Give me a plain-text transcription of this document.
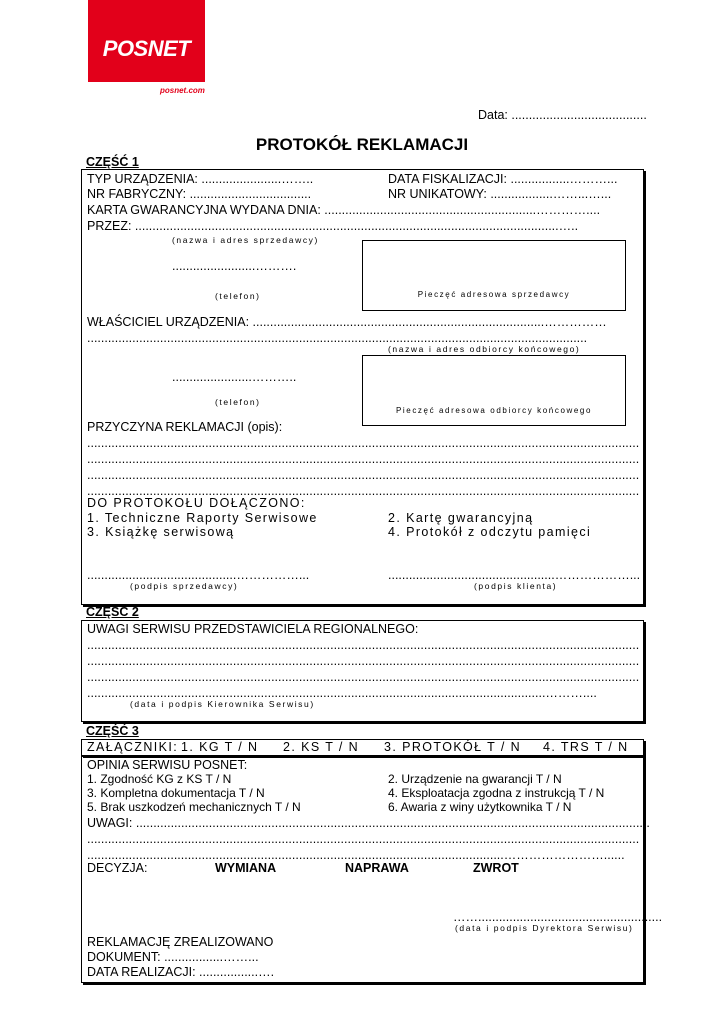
POSNET
posnet.com
Data: .......................................
PROTOKÓŁ REKLAMACJI
CZĘŚĆ 1
TYP URZĄDZENIA: .......................……..	DATA FISKALIZACJI: .................………...
NR FABRYCZNY: ...................................	NR UNIKATOWY: ..................……...…...
KARTA GWARANCYJNA WYDANA DNIA: .............................................................…………....
PRZEZ: ..........................................................................................................................…..
(nazwa i adres sprzedawcy)
........................……….
(telefon)	Pieczęć adresowa sprzedawcy
WŁAŚCICIEL URZĄDZENIA: ....................................................................................……………
................................................................................................................................................
(nazwa i adres odbiorcy końcowego)
Pieczęć adresowa odbiorcy końcowego
.......................………..
(telefon)
PRZYCZYNA REKLAMACJI (opis):
...............................................................................................................................................................
...............................................................................................................................................................
...............................................................................................................................................................
...............................................................................................................................................................
DO PROTOKOŁU DOŁĄCZONO:
1. Techniczne Raporty Serwisowe	2. Kartę gwarancyjną
3. Książkę serwisową	4. Protokół z odczytu pamięci
...........................................……………...	................................................………………...
(podpis sprzedawcy)	(podpis klienta)
CZĘŚĆ 2
UWAGI SERWISU PRZEDSTAWICIELA REGIONALNEGO:
...............................................................................................................................................................
...............................................................................................................................................................
...............................................................................................................................................................
....................................................................................................................................………....
(data i podpis Kierownika Serwisu)
CZĘŚĆ 3
ZAŁĄCZNIKI: 1. KG T / N 2. KS T / N 3. PROTOKÓŁ T / N 4. TRS T / N
OPINIA SERWISU POSNET:
1. Zgodność KG z KS T / N	2. Urządzenie na gwarancji T / N
3. Kompletna dokumentacja T / N	4. Eksploatacja zgodna z instrukcją T / N
5. Brak uszkodzeń mechanicznych T / N	6. Awaria z winy użytkownika T / N
UWAGI: ....................................................................................................................................................
...............................................................................................................................................................
........................................................................................................................……………………......
DECYZJA:	WYMIANA	NAPRAWA	ZWROT
…….....................................................
(data i podpis Dyrektora Serwisu)
REKLAMACJĘ ZREALIZOWANO
DOKUMENT: .................……...
DATA REALIZACJI: .................….
